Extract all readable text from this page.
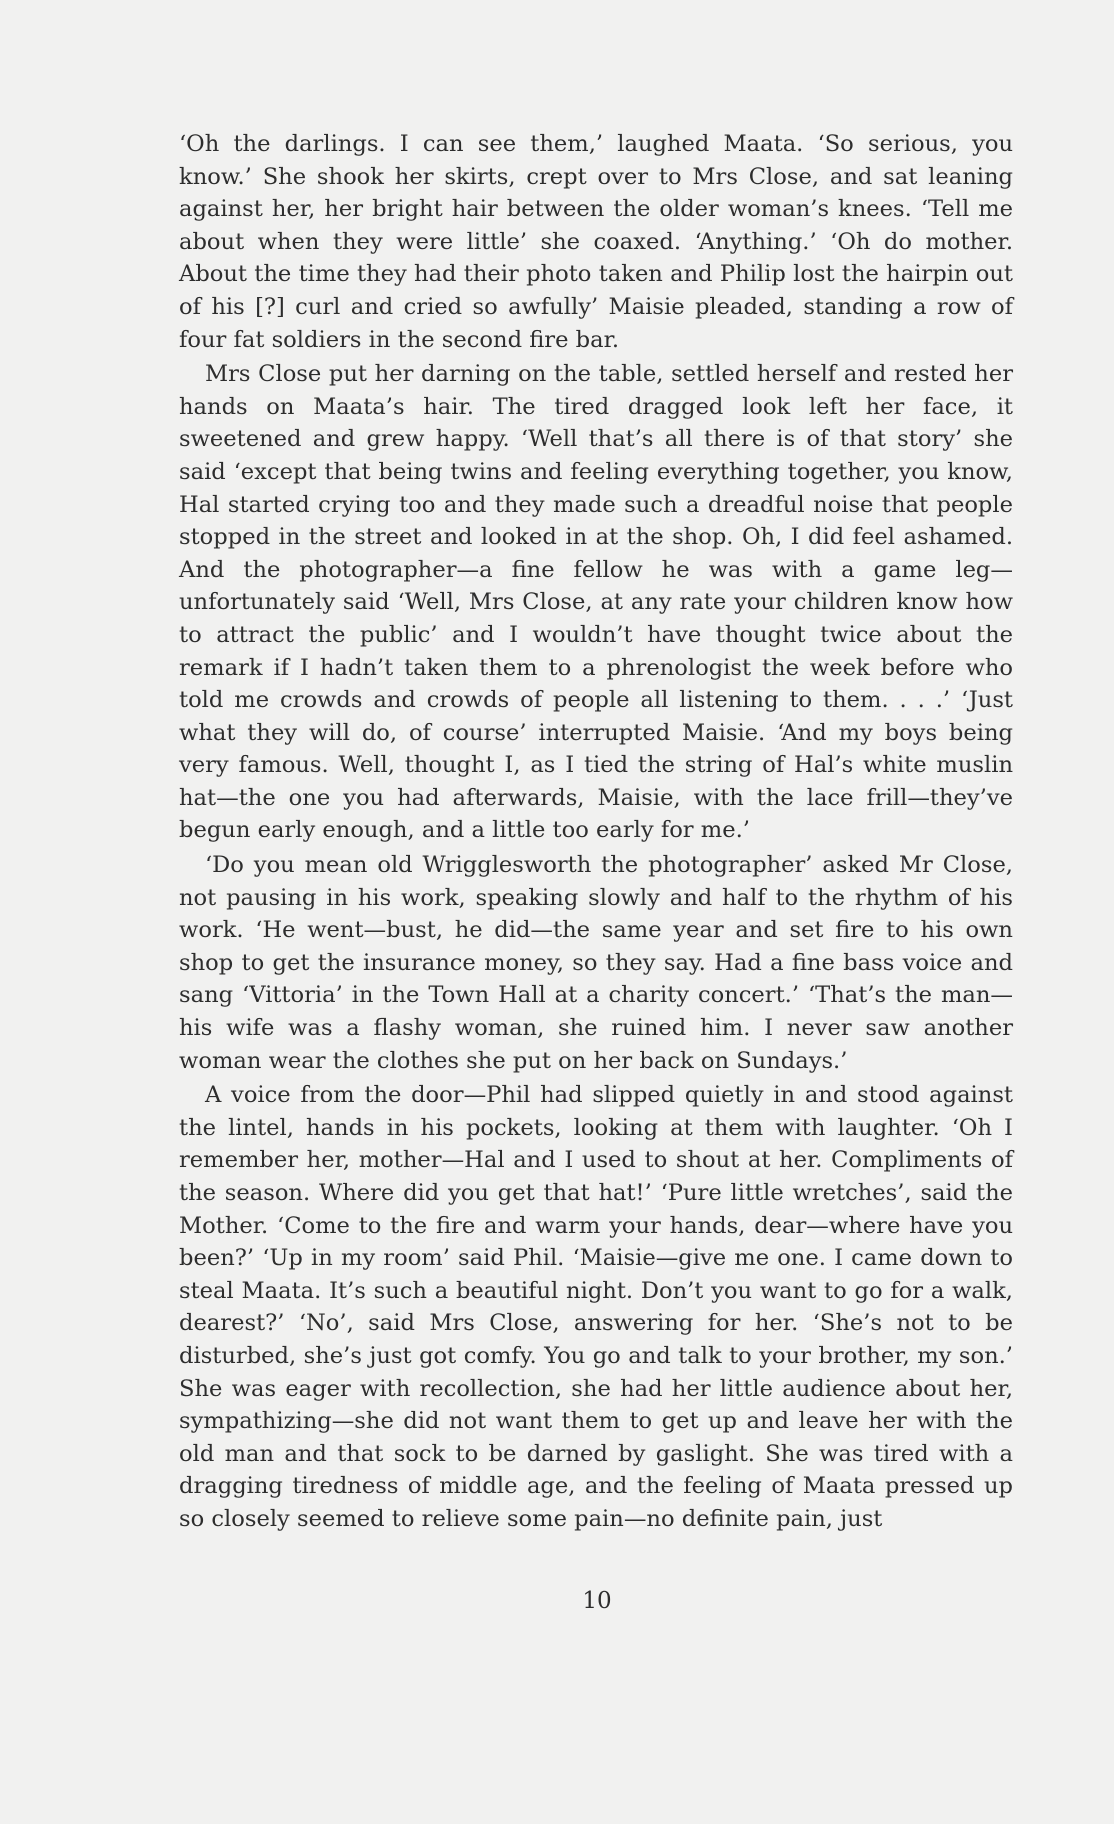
‘Oh the darlings. I can see them,’ laughed Maata. ‘So serious, you know.’ She shook her skirts, crept over to Mrs Close, and sat leaning against her, her bright hair between the older woman’s knees. ‘Tell me about when they were little’ she coaxed. ‘Anything.’ ‘Oh do mother. About the time they had their photo taken and Philip lost the hairpin out of his [?] curl and cried so awfully’ Maisie pleaded, standing a row of four fat soldiers in the second fire bar.

Mrs Close put her darning on the table, settled herself and rested her hands on Maata’s hair. The tired dragged look left her face, it sweetened and grew happy. ‘Well that’s all there is of that story’ she said ‘except that being twins and feeling everything together, you know, Hal started crying too and they made such a dreadful noise that people stopped in the street and looked in at the shop. Oh, I did feel ashamed. And the photographer—a fine fellow he was with a game leg—unfortunately said ‘Well, Mrs Close, at any rate your children know how to attract the public’ and I wouldn’t have thought twice about the remark if I hadn’t taken them to a phrenologist the week before who told me crowds and crowds of people all listening to them. . . .’ ‘Just what they will do, of course’ interrupted Maisie. ‘And my boys being very famous. Well, thought I, as I tied the string of Hal’s white muslin hat—the one you had afterwards, Maisie, with the lace frill—they’ve begun early enough, and a little too early for me.’

‘Do you mean old Wrigglesworth the photographer’ asked Mr Close, not pausing in his work, speaking slowly and half to the rhythm of his work. ‘He went—bust, he did—the same year and set fire to his own shop to get the insurance money, so they say. Had a fine bass voice and sang ‘Vittoria’ in the Town Hall at a charity concert.’ ‘That’s the man—his wife was a flashy woman, she ruined him. I never saw another woman wear the clothes she put on her back on Sundays.’

A voice from the door—Phil had slipped quietly in and stood against the lintel, hands in his pockets, looking at them with laughter. ‘Oh I remember her, mother—Hal and I used to shout at her. Compliments of the season. Where did you get that hat!’ ‘Pure little wretches’, said the Mother. ‘Come to the fire and warm your hands, dear—where have you been?’ ‘Up in my room’ said Phil. ‘Maisie—give me one. I came down to steal Maata. It’s such a beautiful night. Don’t you want to go for a walk, dearest?’ ‘No’, said Mrs Close, answering for her. ‘She’s not to be disturbed, she’s just got comfy. You go and talk to your brother, my son.’ She was eager with recollection, she had her little audience about her, sympathizing—she did not want them to get up and leave her with the old man and that sock to be darned by gaslight. She was tired with a dragging tiredness of middle age, and the feeling of Maata pressed up so closely seemed to relieve some pain—no definite pain, just

10
